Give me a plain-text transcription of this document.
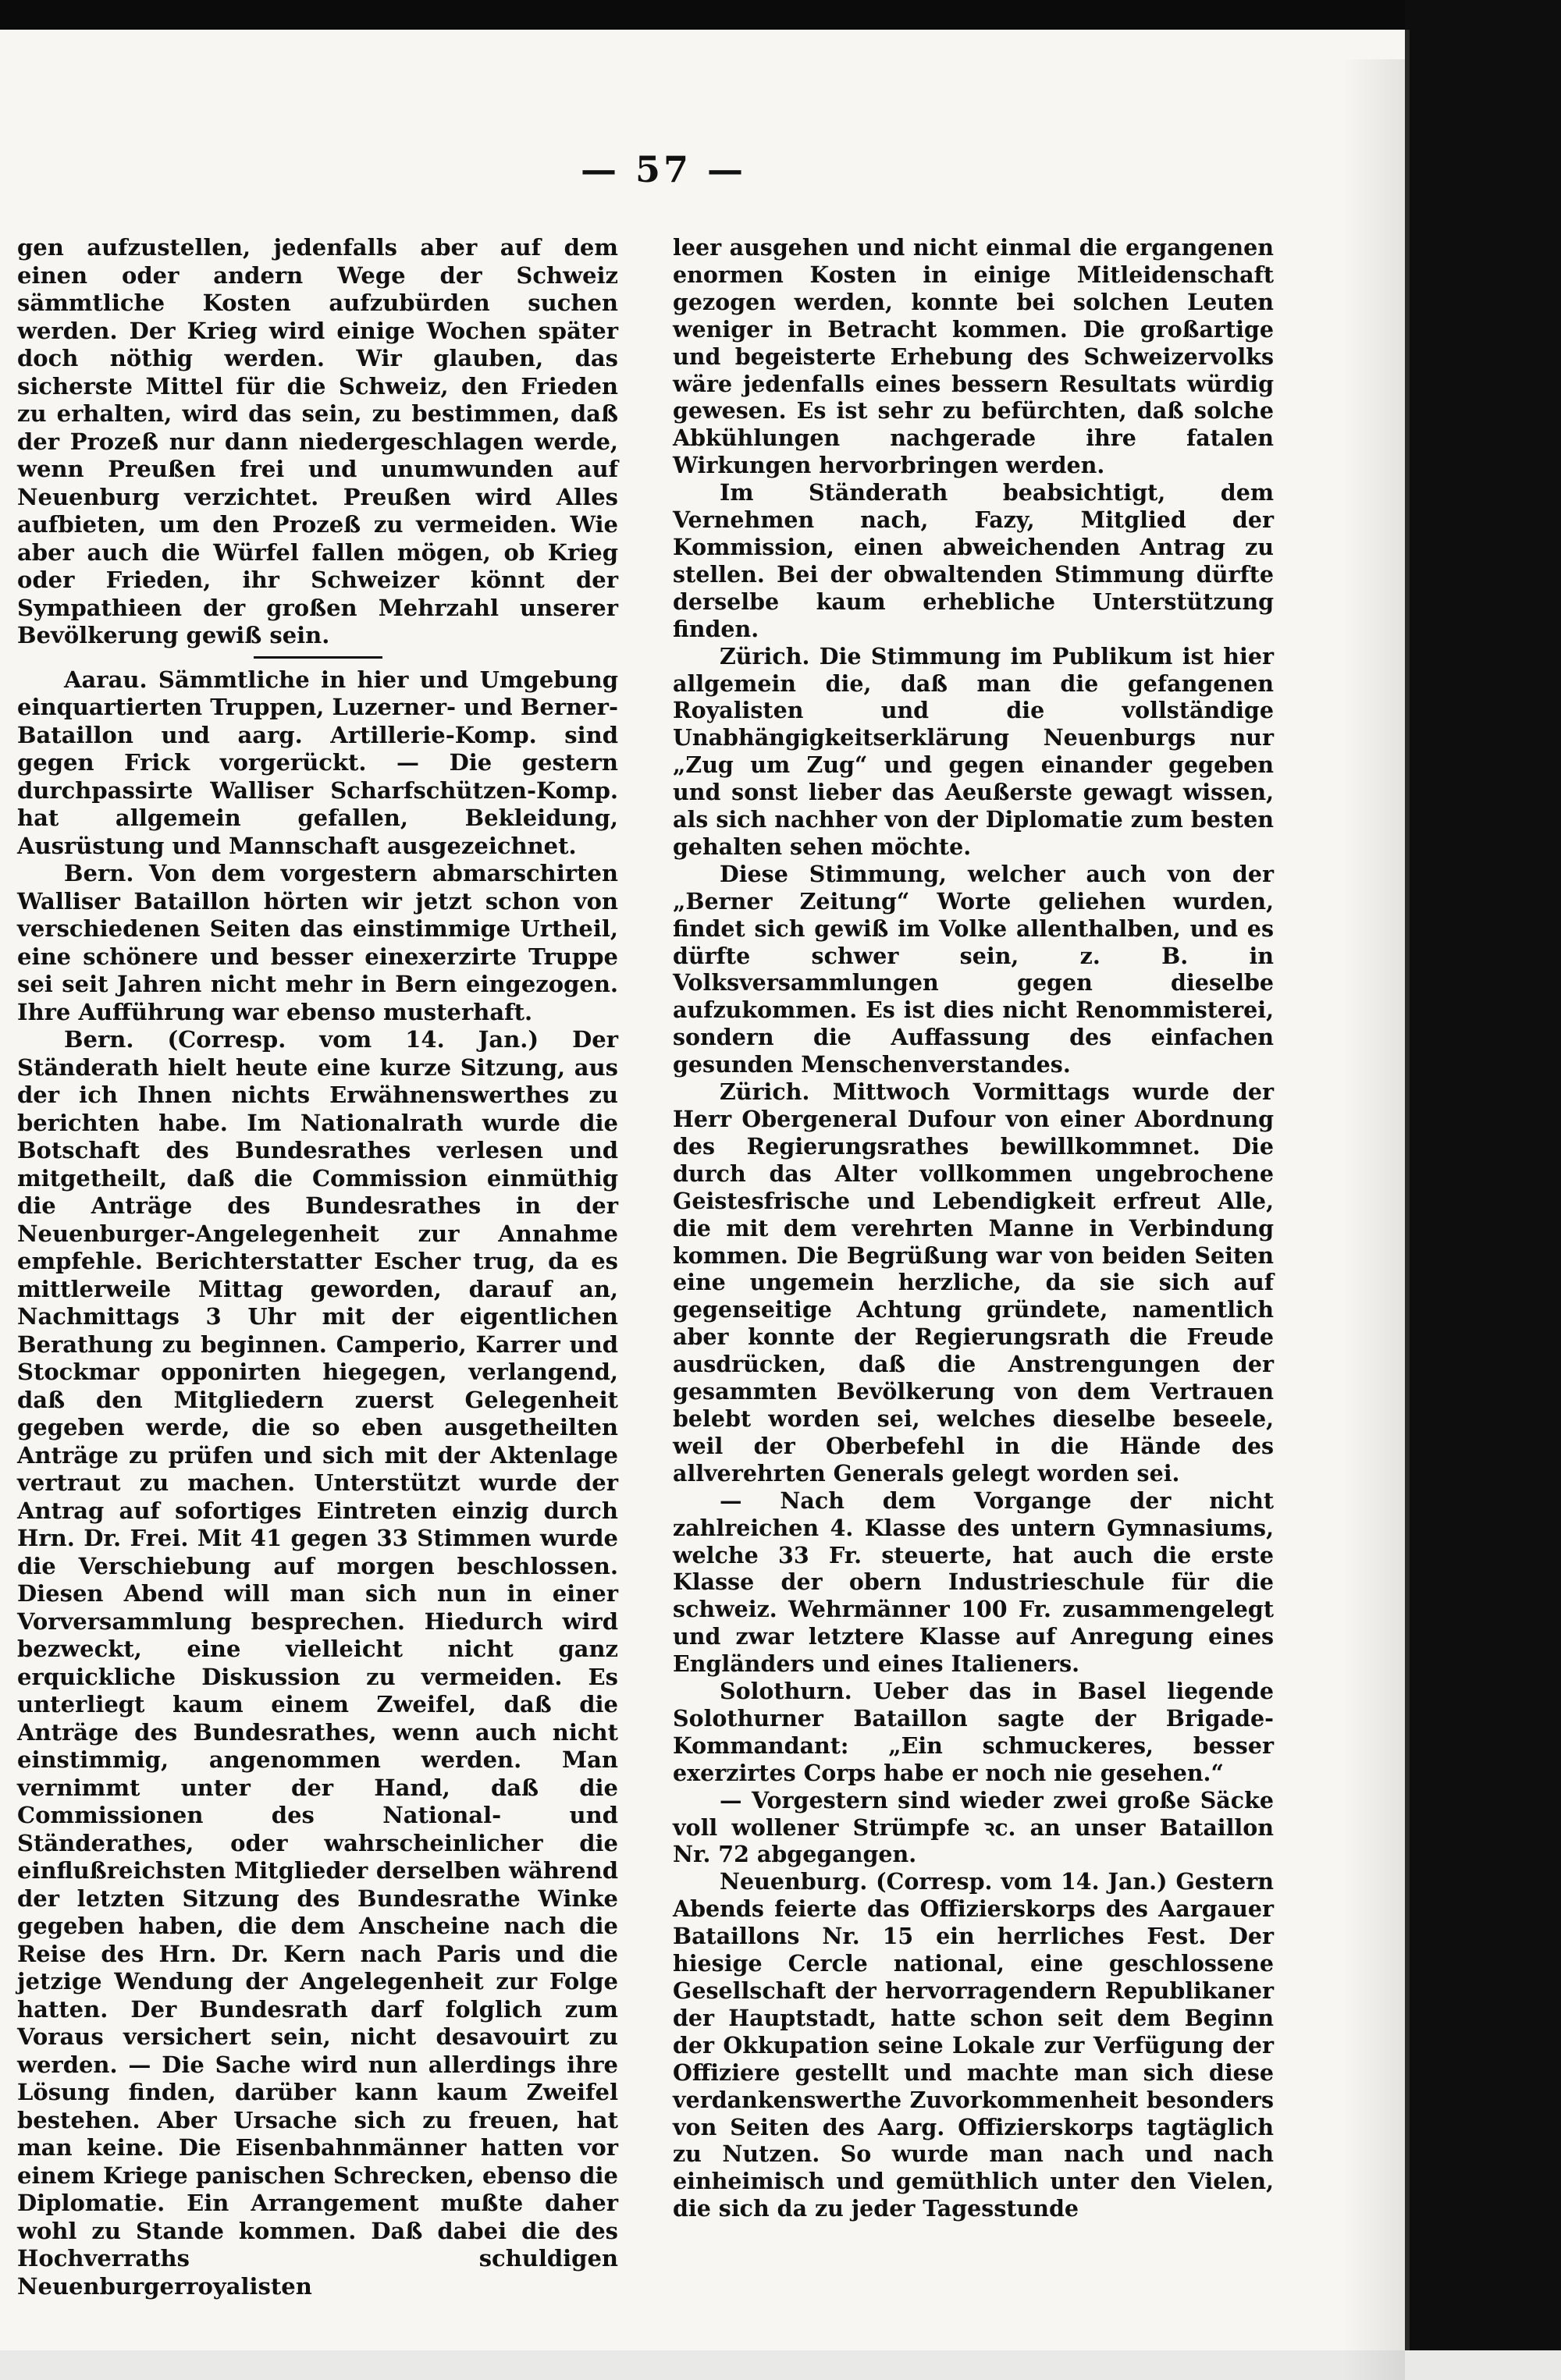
— 57 —

gen aufzustellen, jedenfalls aber auf dem einen oder andern Wege der Schweiz sämmtliche Kosten aufzubürden suchen werden. Der Krieg wird einige Wochen später doch nöthig werden. Wir glauben, das sicherste Mittel für die Schweiz, den Frieden zu erhalten, wird das sein, zu bestimmen, daß der Prozeß nur dann niedergeschlagen werde, wenn Preußen frei und unumwunden auf Neuenburg verzichtet. Preußen wird Alles aufbieten, um den Prozeß zu vermeiden. Wie aber auch die Würfel fallen mögen, ob Krieg oder Frieden, ihr Schweizer könnt der Sympathieen der großen Mehrzahl unserer Bevölkerung gewiß sein.

Aarau. Sämmtliche in hier und Umgebung einquartierten Truppen, Luzerner- und Berner-Bataillon und aarg. Artillerie-Komp. sind gegen Frick vorgerückt. — Die gestern durchpassirte Walliser Scharfschützen-Komp. hat allgemein gefallen, Bekleidung, Ausrüstung und Mannschaft ausgezeichnet.

Bern. Von dem vorgestern abmarschirten Walliser Bataillon hörten wir jetzt schon von verschiedenen Seiten das einstimmige Urtheil, eine schönere und besser einexerzirte Truppe sei seit Jahren nicht mehr in Bern eingezogen. Ihre Aufführung war ebenso musterhaft.

Bern. (Corresp. vom 14. Jan.) Der Ständerath hielt heute eine kurze Sitzung, aus der ich Ihnen nichts Erwähnenswerthes zu berichten habe. Im Nationalrath wurde die Botschaft des Bundesrathes verlesen und mitgetheilt, daß die Commission einmüthig die Anträge des Bundesrathes in der Neuenburger-Angelegenheit zur Annahme empfehle. Berichterstatter Escher trug, da es mittlerweile Mittag geworden, darauf an, Nachmittags 3 Uhr mit der eigentlichen Berathung zu beginnen. Camperio, Karrer und Stockmar opponirten hiegegen, verlangend, daß den Mitgliedern zuerst Gelegenheit gegeben werde, die so eben ausgetheilten Anträge zu prüfen und sich mit der Aktenlage vertraut zu machen. Unterstützt wurde der Antrag auf sofortiges Eintreten einzig durch Hrn. Dr. Frei. Mit 41 gegen 33 Stimmen wurde die Verschiebung auf morgen beschlossen. Diesen Abend will man sich nun in einer Vorversammlung besprechen. Hiedurch wird bezweckt, eine vielleicht nicht ganz erquickliche Diskussion zu vermeiden. Es unterliegt kaum einem Zweifel, daß die Anträge des Bundesrathes, wenn auch nicht einstimmig, angenommen werden. Man vernimmt unter der Hand, daß die Commissionen des National- und Ständerathes, oder wahrscheinlicher die einflußreichsten Mitglieder derselben während der letzten Sitzung des Bundesrathe Winke gegeben haben, die dem Anscheine nach die Reise des Hrn. Dr. Kern nach Paris und die jetzige Wendung der Angelegenheit zur Folge hatten. Der Bundesrath darf folglich zum Voraus versichert sein, nicht desavouirt zu werden. — Die Sache wird nun allerdings ihre Lösung finden, darüber kann kaum Zweifel bestehen. Aber Ursache sich zu freuen, hat man keine. Die Eisenbahnmänner hatten vor einem Kriege panischen Schrecken, ebenso die Diplomatie. Ein Arrangement mußte daher wohl zu Stande kommen. Daß dabei die des Hochverraths schuldigen Neuenburgerroyalisten

leer ausgehen und nicht einmal die ergangenen enormen Kosten in einige Mitleidenschaft gezogen werden, konnte bei solchen Leuten weniger in Betracht kommen. Die großartige und begeisterte Erhebung des Schweizervolks wäre jedenfalls eines bessern Resultats würdig gewesen. Es ist sehr zu befürchten, daß solche Abkühlungen nachgerade ihre fatalen Wirkungen hervorbringen werden.

Im Ständerath beabsichtigt, dem Vernehmen nach, Fazy, Mitglied der Kommission, einen abweichenden Antrag zu stellen. Bei der obwaltenden Stimmung dürfte derselbe kaum erhebliche Unterstützung finden.

Zürich. Die Stimmung im Publikum ist hier allgemein die, daß man die gefangenen Royalisten und die vollständige Unabhängigkeitserklärung Neuenburgs nur „Zug um Zug“ und gegen einander gegeben und sonst lieber das Aeußerste gewagt wissen, als sich nachher von der Diplomatie zum besten gehalten sehen möchte.

Diese Stimmung, welcher auch von der „Berner Zeitung“ Worte geliehen wurden, findet sich gewiß im Volke allenthalben, und es dürfte schwer sein, z. B. in Volksversammlungen gegen dieselbe aufzukommen. Es ist dies nicht Renommisterei, sondern die Auffassung des einfachen gesunden Menschenverstandes.

Zürich. Mittwoch Vormittags wurde der Herr Obergeneral Dufour von einer Abordnung des Regierungsrathes bewillkommnet. Die durch das Alter vollkommen ungebrochene Geistesfrische und Lebendigkeit erfreut Alle, die mit dem verehrten Manne in Verbindung kommen. Die Begrüßung war von beiden Seiten eine ungemein herzliche, da sie sich auf gegenseitige Achtung gründete, namentlich aber konnte der Regierungsrath die Freude ausdrücken, daß die Anstrengungen der gesammten Bevölkerung von dem Vertrauen belebt worden sei, welches dieselbe beseele, weil der Oberbefehl in die Hände des allverehrten Generals gelegt worden sei.

— Nach dem Vorgange der nicht zahlreichen 4. Klasse des untern Gymnasiums, welche 33 Fr. steuerte, hat auch die erste Klasse der obern Industrieschule für die schweiz. Wehrmänner 100 Fr. zusammengelegt und zwar letztere Klasse auf Anregung eines Engländers und eines Italieners.

Solothurn. Ueber das in Basel liegende Solothurner Bataillon sagte der Brigade-Kommandant: „Ein schmuckeres, besser exerzirtes Corps habe er noch nie gesehen.“

— Vorgestern sind wieder zwei große Säcke voll wollener Strümpfe ꝛc. an unser Bataillon Nr. 72 abgegangen.

Neuenburg. (Corresp. vom 14. Jan.) Gestern Abends feierte das Offizierskorps des Aargauer Bataillons Nr. 15 ein herrliches Fest. Der hiesige Cercle national, eine geschlossene Gesellschaft der hervorragendern Republikaner der Hauptstadt, hatte schon seit dem Beginn der Okkupation seine Lokale zur Verfügung der Offiziere gestellt und machte man sich diese verdankenswerthe Zuvorkommenheit besonders von Seiten des Aarg. Offizierskorps tagtäglich zu Nutzen. So wurde man nach und nach einheimisch und gemüthlich unter den Vielen, die sich da zu jeder Tagesstunde
